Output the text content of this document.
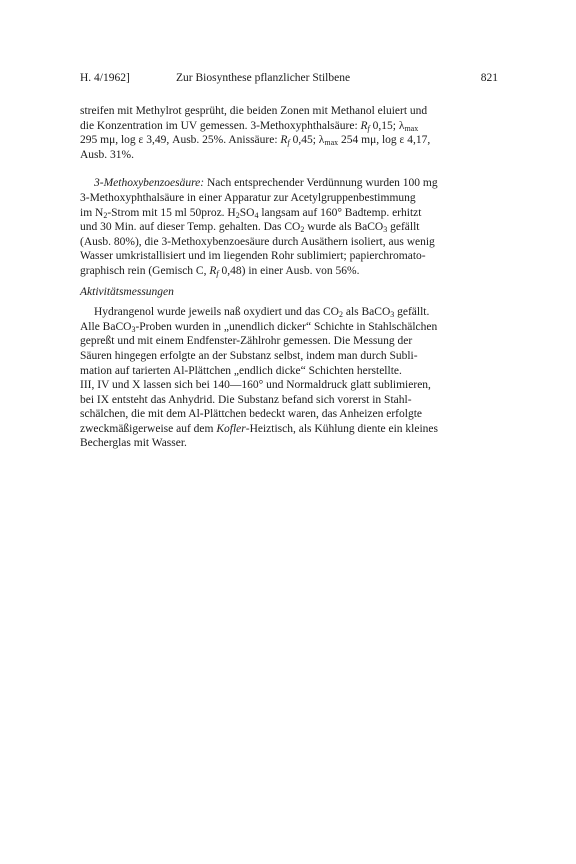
H. 4/1962]	Zur Biosynthese pflanzlicher Stilbene	821

streifen mit Methylrot gesprüht, die beiden Zonen mit Methanol eluiert und

die Konzentration im UV gemessen. 3-Methoxyphthalsäure: $R_f$ 0,15; $\lambda_{max}$

295 mμ, log ε 3,49, Ausb. 25%. Anissäure: $R_f$ 0,45; $\lambda_{max}$ 254 mμ, log ε 4,17,

Ausb. 31%.

3-Methoxybenzoesäure: Nach entsprechender Verdünnung wurden 100 mg

3-Methoxyphthalsäure in einer Apparatur zur Acetylgruppenbestimmung

im $N_2$-Strom mit 15 ml 50proz. $H_2SO_4$ langsam auf 160° Badtemp. erhitzt

und 30 Min. auf dieser Temp. gehalten. Das $CO_2$ wurde als BaCO$_3$ gefällt

(Ausb. 80%), die 3-Methoxybenzoesäure durch Ausäthern isoliert, aus wenig

Wasser umkristallisiert und im liegenden Rohr sublimiert; papierchromato-

graphisch rein (Gemisch C, $R_f$ 0,48) in einer Ausb. von 56%.

Aktivitätsmessungen

Hydrangenol wurde jeweils naß oxydiert und das $CO_2$ als BaCO$_3$ gefällt.

Alle BaCO$_3$-Proben wurden in „unendlich dicker“ Schichte in Stahlschälchen

gepreßt und mit einem Endfenster-Zählrohr gemessen. Die Messung der

Säuren hingegen erfolgte an der Substanz selbst, indem man durch Subli-

mation auf tarierten Al-Plättchen „endlich dicke“ Schichten herstellte.

III, IV und X lassen sich bei 140—160° und Normaldruck glatt sublimieren,

bei IX entsteht das Anhydrid. Die Substanz befand sich vorerst in Stahl-

schälchen, die mit dem Al-Plättchen bedeckt waren, das Anheizen erfolgte

zweckmäßigerweise auf dem Kofler-Heiztisch, als Kühlung diente ein kleines

Becherglas mit Wasser.
